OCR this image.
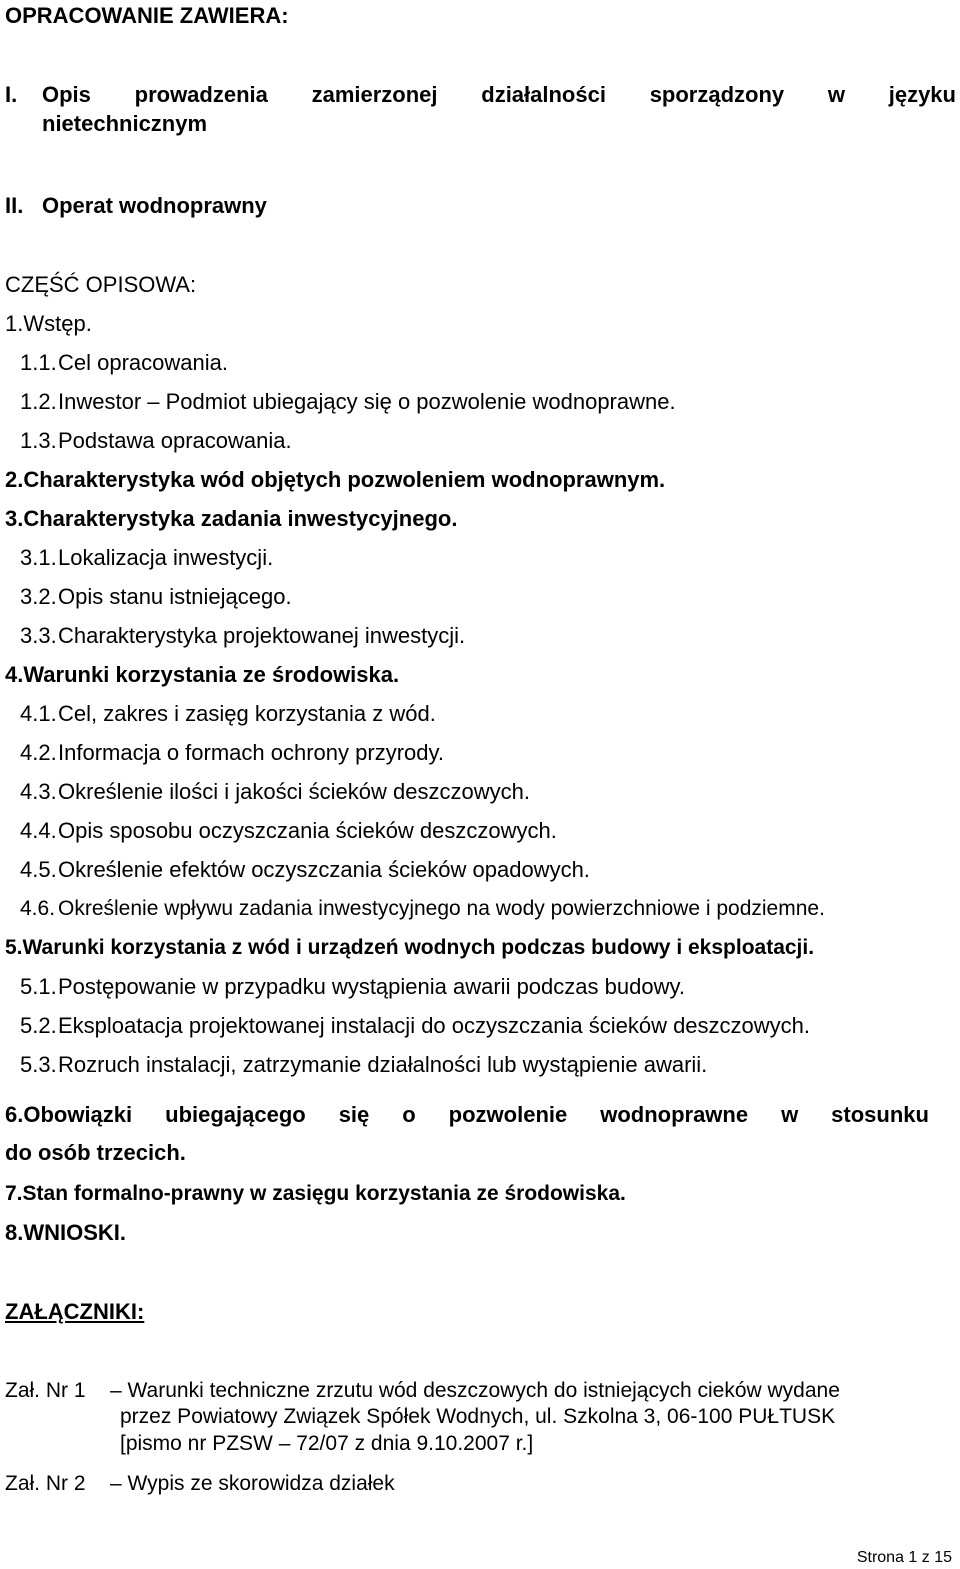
OPRACOWANIE ZAWIERA:
I. Opis prowadzenia zamierzonej działalności sporządzony w języku
nietechnicznym
II. Operat wodnoprawny
CZĘŚĆ OPISOWA:
1. Wstęp.
1.1. Cel opracowania.
1.2. Inwestor – Podmiot ubiegający się o pozwolenie wodnoprawne.
1.3. Podstawa opracowania.
2. Charakterystyka wód objętych pozwoleniem wodnoprawnym.
3. Charakterystyka zadania inwestycyjnego.
3.1. Lokalizacja inwestycji.
3.2. Opis stanu istniejącego.
3.3. Charakterystyka projektowanej inwestycji.
4. Warunki korzystania ze środowiska.
4.1. Cel, zakres i zasięg korzystania z wód.
4.2. Informacja o formach ochrony przyrody.
4.3. Określenie ilości i jakości ścieków deszczowych.
4.4. Opis sposobu oczyszczania ścieków deszczowych.
4.5. Określenie efektów oczyszczania ścieków opadowych.
4.6. Określenie wpływu zadania inwestycyjnego na wody powierzchniowe i podziemne.
5. Warunki korzystania z wód i urządzeń wodnych podczas budowy i eksploatacji.
5.1. Postępowanie w przypadku wystąpienia awarii podczas budowy.
5.2. Eksploatacja projektowanej instalacji do oczyszczania ścieków deszczowych.
5.3. Rozruch instalacji, zatrzymanie działalności lub wystąpienie awarii.
6.Obowiązki ubiegającego się o pozwolenie wodnoprawne w stosunku
do osób trzecich.
7.Stan formalno-prawny w zasięgu korzystania ze środowiska.
8.WNIOSKI.
ZAŁĄCZNIKI:
Zał. Nr 1 – Warunki techniczne zrzutu wód deszczowych do istniejących cieków wydane
przez Powiatowy Związek Spółek Wodnych, ul. Szkolna 3, 06-100 PUŁTUSK
[pismo nr PZSW – 72/07 z dnia 9.10.2007 r.]
Zał. Nr 2 – Wypis ze skorowidza działek
Strona 1 z 15
